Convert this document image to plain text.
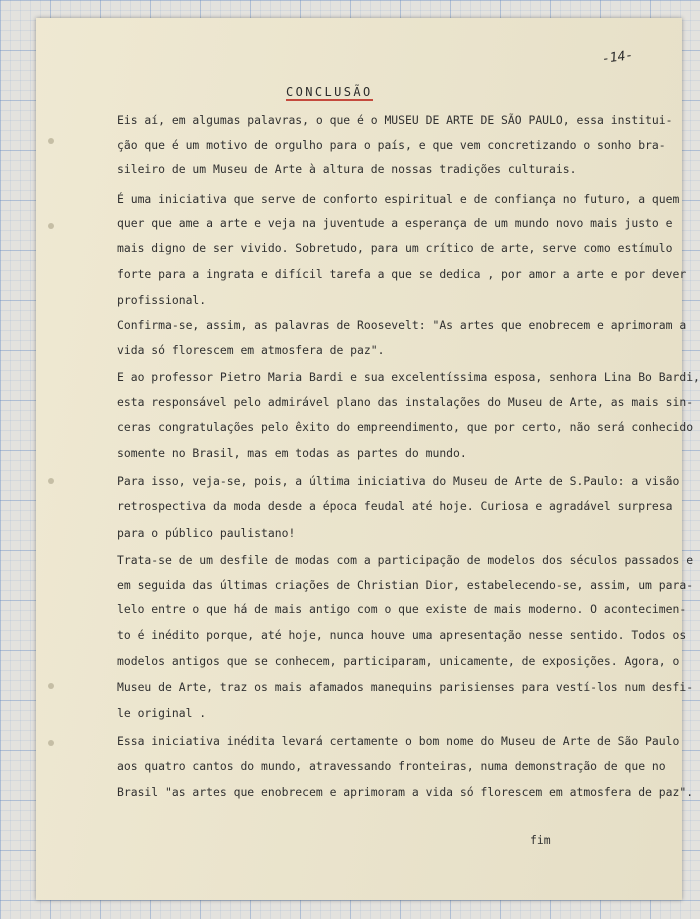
-14-
CONCLUSÃO

Eis aí, em algumas palavras, o que é o MUSEU DE ARTE DE SÃO PAULO, essa institui-

ção que é um motivo de orgulho para o país, e que vem concretizando o sonho bra-

sileiro de um Museu de Arte à altura de nossas tradições culturais.

É uma iniciativa que serve de conforto espiritual e de confiança no futuro, a quem

quer que ame a arte e veja na juventude a esperança de um mundo novo mais justo e

mais digno de ser vivido. Sobretudo, para um crítico de arte, serve como estímulo

forte para a ingrata e difícil tarefa a que se dedica , por amor a arte e por dever

profissional.

Confirma-se, assim, as palavras de Roosevelt: "As artes que enobrecem e aprimoram a

vida só florescem em atmosfera de paz".

E ao professor Pietro Maria Bardi e sua excelentíssima esposa, senhora Lina Bo Bardi,

esta responsável pelo admirável plano das instalações do Museu de Arte, as mais sin-

ceras congratulações pelo êxito do empreendimento, que por certo, não será conhecido

somente no Brasil, mas em todas as partes do mundo.

Para isso, veja-se, pois, a última iniciativa do Museu de Arte de S.Paulo: a visão

retrospectiva da moda desde a época feudal até hoje. Curiosa e agradável surpresa

para o público paulistano!

Trata-se de um desfile de modas com a participação de modelos dos séculos passados e

em seguida das últimas criações de Christian Dior, estabelecendo-se, assim, um para-

lelo entre o que há de mais antigo com o que existe de mais moderno. O acontecimen-

to é inédito porque, até hoje, nunca houve uma apresentação nesse sentido. Todos os

modelos antigos que se conhecem, participaram, unicamente, de exposições. Agora, o

Museu de Arte, traz os mais afamados manequins parisienses para vestí-los num desfi-

le original .

Essa iniciativa inédita levará certamente o bom nome do Museu de Arte de São Paulo

aos quatro cantos do mundo, atravessando fronteiras, numa demonstração de que no

Brasil "as artes que enobrecem e aprimoram a vida só florescem em atmosfera de paz".

fim
